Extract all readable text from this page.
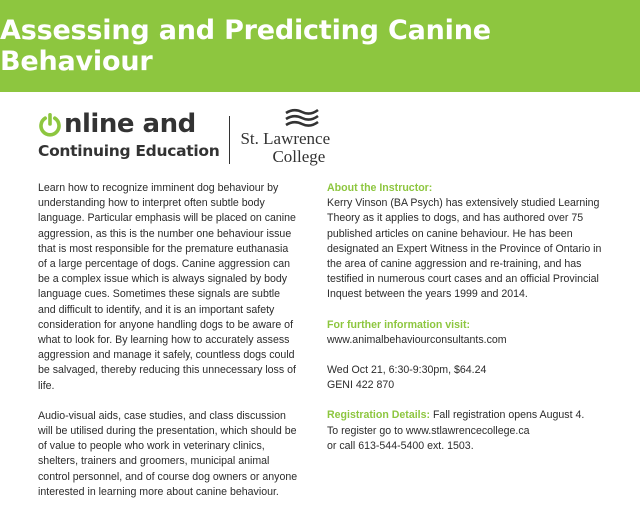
Assessing and Predicting Canine Behaviour
nline and
Continuing Education
St. Lawrence
College

Learn how to recognize imminent dog behaviour by understanding how to interpret often subtle body language. Particular emphasis will be placed on canine aggression, as this is the number one behaviour issue that is most responsible for the premature euthanasia of a large percentage of dogs. Canine aggression can be a complex issue which is always signaled by body language cues. Sometimes these signals are subtle and difficult to identify, and it is an important safety consideration for anyone handling dogs to be aware of what to look for. By learning how to accurately assess aggression and manage it safely, countless dogs could be salvaged, thereby reducing this unnecessary loss of life.

Audio-visual aids, case studies, and class discussion will be utilised during the presentation, which should be of value to people who work in veterinary clinics, shelters, trainers and groomers, municipal animal control personnel, and of course dog owners or anyone interested in learning more about canine behaviour.

About the Instructor:

Kerry Vinson (BA Psych) has extensively studied Learning Theory as it applies to dogs, and has authored over 75 published articles on canine behaviour. He has been designated an Expert Witness in the Province of Ontario in the area of canine aggression and re-training, and has testified in numerous court cases and an official Provincial Inquest between the years 1999 and 2014.

For further information visit:
www.animalbehaviourconsultants.com
Wed Oct 21, 6:30-9:30pm, $64.24
GENI 422 870
Registration Details: Fall registration opens August 4.
To register go to www.stlawrencecollege.ca
or call 613-544-5400 ext. 1503.
